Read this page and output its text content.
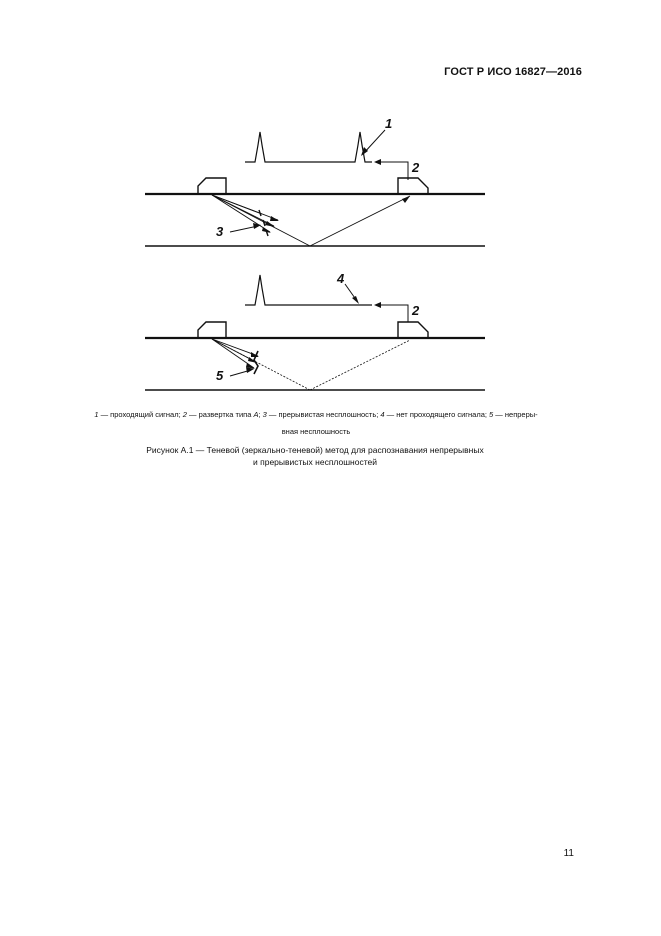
ГОСТ Р ИСО 16827—2016
1
2
3
4
2
5
1 — проходящий сигнал; 2 — развертка типа А; 3 — прерывистая несплошность; 4 — нет проходящего сигнала; 5 — непреры-
вная несплошность
Рисунок А.1 — Теневой (зеркально-теневой) метод для распознавания непрерывных
и прерывистых несплошностей
11
